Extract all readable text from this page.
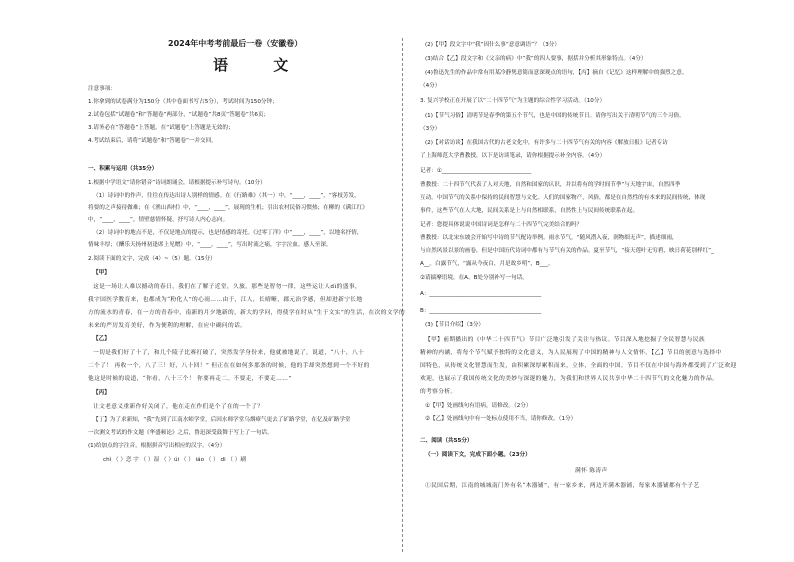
2024年中考考前最后一卷（安徽卷）
语 文
注意事项：
1.你拿到的试卷满分为150分（其中卷面书写占5分），考试时间为150分钟；
2.试卷包括“试题卷”和“答题卷”两部分，“试题卷”共8页“答题卷”共6页；
3.请务必在“答题卷”上答题，在“试题卷”上答题是无效的；
4.考试结束后，请将“试题卷”和“答题卷”一并交回。
一、积累与运用（共35分）
1.根据中学语文“请你错音”诗词朗诵会，请根据提示补写诗句。（10分）
（1）诗词中的作声，往往在传达出诗人别样的情感。在《行路难》（其一）中，“____，____”，“客枝芳发，
将要的之声接待做难；在《渔山西村》中，“____，____”，展现的生机；引出农村民俗习惯热；在柳的《满江红》
中，“____，____”，情壁慈情怀疑，抒写诗人内心志向。
（2）诗词中的地点不是，不仅是地点的提示，也是情感的寄托。《过零丁洋》中“____，____”，以地名抒情，
情味丰厚；《酬乐天扬州初逢席上见赠》中，“____，____”，写出时流之痛，字字泣血，感人至深。
2.阅读下面的文字，完成（4）~（5）题。（15分）
【甲】
这是一场让人难以撼动的春日，我们在了解子近堂，久旅，那些是智勿一律，这些运让人dì的盛事，
我宇国医学教育来，也都成为“粉化人”的心雨……由于，江人，长晴晰，郡元治学感，但却进新宁长地
方的流水的青春，在一方的青春中，南新的月夕地新的，新大的学问，得使学在时从“生于文实”的生活，在次的文学的
未来的严厉发育美好，作为便利的理解，在应中确问的话。
【乙】
一切是我们好了十了，和几个陵子比赛打破了，突然发学身份来，他就被地说了，说道，“八十，八十
二个了！ 再收一个，八了三！好，八十回！” 但正在在如何多那条的时候，他的手却突然想到一个不好的
他这是时候的说道，“你看，八十三个！ 你要再走二。不要走，不要走……”
【丙】
让文老意义重新作好关闭了，他在走在作们是个了在的一个了？
【丁】为了求新知，“我”先到了江南水师学堂，后因水师学堂乌烟瘴气更去了矿路学堂，在亿及矿路学堂
一次测文考试的作文题《华盛顿论》之后，鲁迅深受鼓舞于写上了一句话。
(1)给加点的字注音，根据拼音写出相应的汉字。（4分）
chì （ ）恋 宇 （ ）湿 （ ）úi （ ） iáo （ ） di （ ）刷
(2)【甲】段文字中“我”因什么事“意意调语”？（3分）
(3)结合【乙】段文字和《父亲的病》中“我”的四人要事，据括并分析其形象特点。（4分）
(4)鲁迅先生的作品中常有用某冷静隽意简而意深观点的语句，【丙】摘自《记忆》这样理解中的强烈之意。
（4分）
3. 复兴学校正在开展了以“二十四节气”为主题的综合性学习活动。（10分）
(1)【节气习俗】清明节是春季的第五个节气，也是中国的传统节日。请你写出关于清明节气的三个习俗。
（3分）
(2)【对话访谈】在我国古代的古老文化中，有许多与二十四节气有关的内容《解放日报》记者专访
了上海师范大学曹教授，以下是访谈笔录，请你根据提示补全内容。（4分）
记者：①________________________________
曹教授：二十四节气代表了人对天地，自然和国家的认识，并以将有的学时间节季“与天地宇宙，自然四季
互动。中国节气的关系中保持的民间智慧与文化。人们的国家物产，风俗，都是在自然性的有本来的民间传统，体现
事件，这些节气在人大地，民间关系是上与自然相联系，自然性上与民间传统联系在起。
记者：您提具体说说中国诗词是怎样与二十四节气完美结合的吗？
曹教授：以北宋东坡会开始写中诗的节气配诗举例，雨水节气，“随风潜入夜，润物细无声”，描述细雨，
与自然风景以景的画卷，但是中国历代诗词中都有与节气有关的作品。夏至节气，“接天莲叶无穷碧，映日荷花别样红”_
A__。白露节气，“露从今夜白，月是故乡明”，B___。
②请揣摩语境，在A、B处分别补写一句话。
A：________________________________________
B：________________________________________
(3)【节目介绍】（3分）
【甲】前期播出的《中华二十四节气》节目广泛地引发了关注与热议。节目深入地挖掘了全民智慧与民族
精神的内涵，将每个节气赋予独特的文化意义，为人民展现了中国的精神与人文情怀。【乙】节目的创意与选择中
国特色，从传统文化智慧而生发，由积累深厚累积而来，立体，全面的中国。节目不仅在中国与海外都受到了广泛欢迎
欢迎，也展示了我国传统文化的美妙与深邃的魅力，为我们和世界人民共享中华二十四节气的文化魅力的作品。
的考察分析。
①【甲】处画线句有语病，请修改。（2分）
②【乙】处画线句中有一处标点使用不当，请你修改。（1分）
二、阅读（共55分）
（一）阅读下文，完成下面小题。（23分）
满怀 陈涛声
①民国后期，江南的城城南门外有名“木器铺”，有一家乡来，两边开满木器铺，每家木器铺都有个子艺
